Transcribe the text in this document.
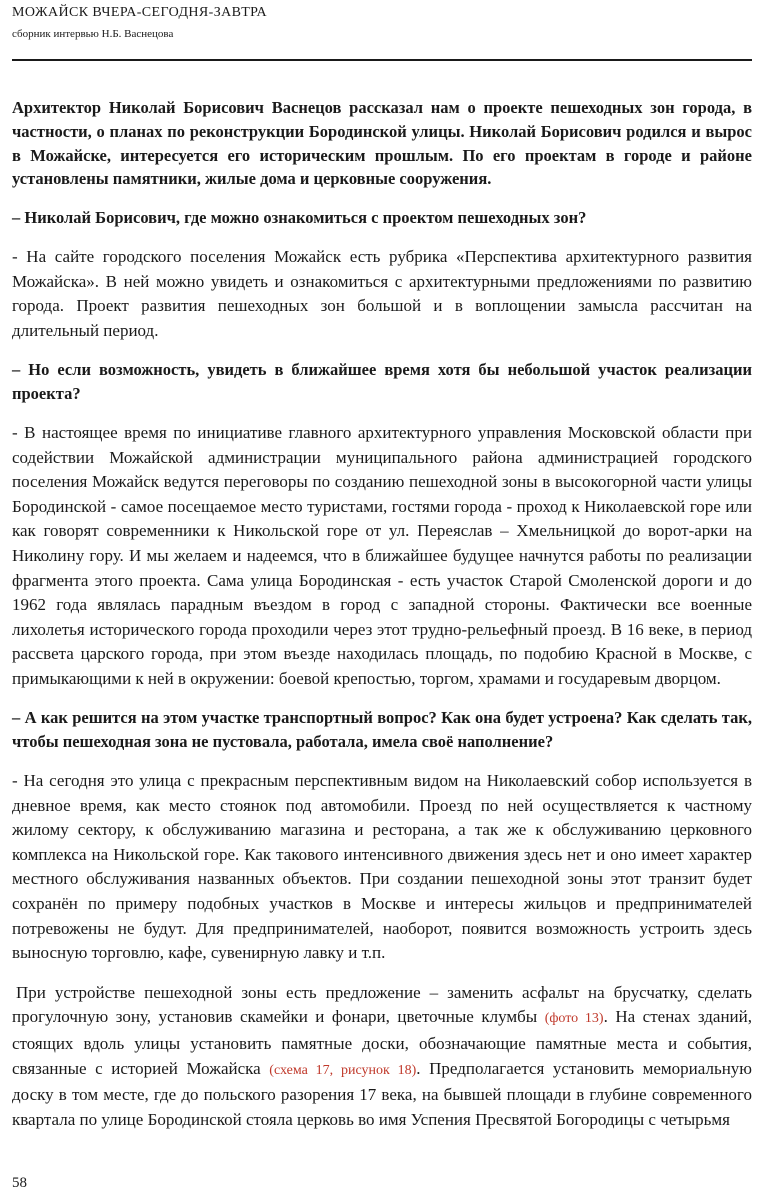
МОЖАЙСК ВЧЕРА-СЕГОДНЯ-ЗАВТРА
сборник интервью Н.Б. Васнецова

Архитектор Николай Борисович Васнецов рассказал нам о проекте пешеходных зон города, в частности, о планах по реконструкции Бородинской улицы. Николай Борисович родился и вырос в Можайске, интересуется его историческим прошлым. По его проектам в городе и районе установлены памятники, жилые дома и церковные сооружения.

– Николай Борисович, где можно ознакомиться с проектом пешеходных зон?

- На сайте городского поселения Можайск есть рубрика «Перспектива архитектурного развития Можайска». В ней можно увидеть и ознакомиться с архитектурными предложениями по развитию города. Проект развития пешеходных зон большой и в воплощении замысла рассчитан на длительный период.

– Но если возможность, увидеть в ближайшее время хотя бы небольшой участок реализации проекта?

- В настоящее время по инициативе главного архитектурного управления Московской области при содействии Можайской администрации муниципального района администрацией городского поселения Можайск ведутся переговоры по созданию пешеходной зоны в высокогорной части улицы Бородинской - самое посещаемое место туристами, гостями города - проход к Николаевской горе или как говорят современники к Никольской горе от ул. Переяслав – Хмельницкой до ворот-арки на Николину гору. И мы желаем и надеемся, что в ближайшее будущее начнутся работы по реализации фрагмента этого проекта. Сама улица Бородинская - есть участок Старой Смоленской дороги и до 1962 года являлась парадным въездом в город с западной стороны. Фактически все военные лихолетья исторического города проходили через этот трудно-рельефный проезд. В 16 веке, в период рассвета царского города, при этом въезде находилась площадь, по подобию Красной в Москве, с примыкающими к ней в окружении: боевой крепостью, торгом, храмами и государевым дворцом.

– А как решится на этом участке транспортный вопрос? Как она будет устроена? Как сделать так, чтобы пешеходная зона не пустовала, работала, имела своё наполнение?

- На сегодня это улица с прекрасным перспективным видом на Николаевский собор используется в дневное время, как место стоянок под автомобили. Проезд по ней осуществляется к частному жилому сектору, к обслуживанию магазина и ресторана, а так же к обслуживанию церковного комплекса на Никольской горе. Как такового интенсивного движения здесь нет и оно имеет характер местного обслуживания названных объектов. При создании пешеходной зоны этот транзит будет сохранён по примеру подобных участков в Москве и интересы жильцов и предпринимателей потревожены не будут. Для предпринимателей, наоборот, появится возможность устроить здесь выносную торговлю, кафе, сувенирную лавку и т.п.

При устройстве пешеходной зоны есть предложение – заменить асфальт на брусчатку, сделать прогулочную зону, установив скамейки и фонари, цветочные клумбы (фото 13). На стенах зданий, стоящих вдоль улицы установить памятные доски, обозначающие памятные места и события, связанные с историей Можайска (схема 17, рисунок 18). Предполагается установить мемориальную доску в том месте, где до польского разорения 17 века, на бывшей площади в глубине современного квартала по улице Бородинской стояла церковь во имя Успения Пресвятой Богородицы с четырьмя

58
